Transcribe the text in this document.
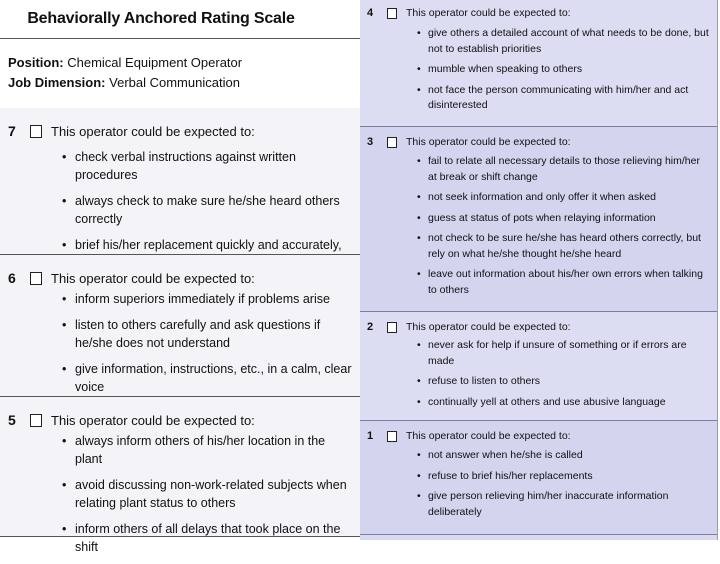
Behaviorally Anchored Rating Scale
Position: Chemical Equipment Operator
Job Dimension: Verbal Communication
7	This operator could be expected to:
• check verbal instructions against written procedures
• always check to make sure he/she heard others correctly
• brief his/her replacement quickly and accurately,
6	This operator could be expected to:
• inform superiors immediately if problems arise
• listen to others carefully and ask questions if he/she does not understand
• give information, instructions, etc., in a calm, clear voice
5	This operator could be expected to:
• always inform others of his/her location in the plant
• avoid discussing non-work-related subjects when relating plant status to others
• inform others of all delays that took place on the shift
4	This operator could be expected to:
• give others a detailed account of what needs to be done, but not to establish priorities
• mumble when speaking to others
• not face the person communicating with him/her and act disinterested
3	This operator could be expected to:
• fail to relate all necessary details to those relieving him/her at break or shift change
• not seek information and only offer it when asked
• guess at status of pots when relaying information
• not check to be sure he/she has heard others correctly, but rely on what he/she thought he/she heard
• leave out information about his/her own errors when talking to others
2	This operator could be expected to:
• never ask for help if unsure of something or if errors are made
• refuse to listen to others
• continually yell at others and use abusive language
1	This operator could be expected to:
• not answer when he/she is called
• refuse to brief his/her replacements
• give person relieving him/her inaccurate information deliberately
